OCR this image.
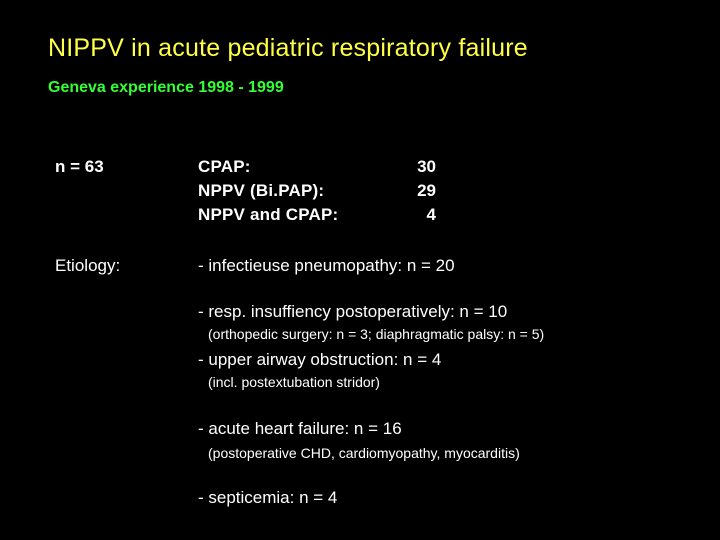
NIPPV in acute pediatric respiratory failure
Geneva experience 1998 - 1999
n = 63	CPAP:	30
NPPV (Bi.PAP):	29
NPPV and CPAP:	4
Etiology:	- infectieuse pneumopathy: n = 20
- resp. insuffiency postoperatively: n = 10
(orthopedic surgery: n = 3; diaphragmatic palsy: n = 5)
- upper airway obstruction: n = 4
(incl. postextubation stridor)
- acute heart failure: n = 16
(postoperative CHD, cardiomyopathy, myocarditis)
- septicemia: n = 4
